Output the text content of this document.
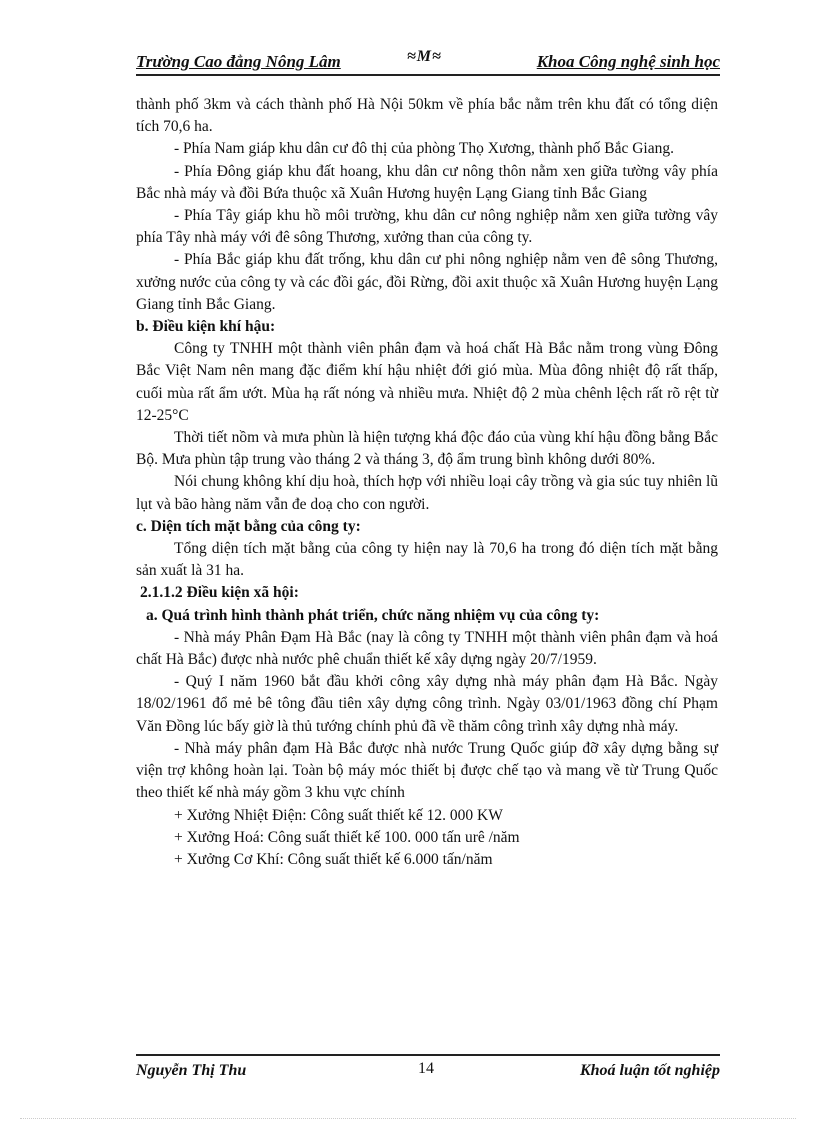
Trường Cao đẳng Nông Lâm	≈M≈	Khoa Công nghệ sinh học

thành phố 3km và cách thành phố Hà Nội 50km về phía bắc nằm trên khu đất có tổng diện tích 70,6 ha.

- Phía Nam giáp khu dân cư đô thị của phòng Thọ Xương, thành phố Bắc Giang.

- Phía Đông giáp khu đất hoang, khu dân cư nông thôn nằm xen giữa tường vây phía Bắc nhà máy và đồi Bứa thuộc xã Xuân Hương huyện Lạng Giang tỉnh Bắc Giang

- Phía Tây giáp khu hồ môi trường, khu dân cư nông nghiệp nằm xen giữa tường vây phía Tây nhà máy với đê sông Thương, xưởng than của công ty.

- Phía Bắc giáp khu đất trống, khu dân cư phi nông nghiệp nằm ven đê sông Thương, xưởng nước của công ty và các đồi gác, đồi Rừng, đồi axit thuộc xã Xuân Hương huyện Lạng Giang tỉnh Bắc Giang.

b. Điều kiện khí hậu:

Công ty TNHH một thành viên phân đạm và hoá chất Hà Bắc nằm trong vùng Đông Bắc Việt Nam nên mang đặc điểm khí hậu nhiệt đới gió mùa. Mùa đông nhiệt độ rất thấp, cuối mùa rất ẩm ướt. Mùa hạ rất nóng và nhiều mưa. Nhiệt độ 2 mùa chênh lệch rất rõ rệt từ 12-25°C

Thời tiết nồm và mưa phùn là hiện tượng khá độc đáo của vùng khí hậu đồng bằng Bắc Bộ. Mưa phùn tập trung vào tháng 2 và tháng 3, độ ẩm trung bình không dưới 80%.

Nói chung không khí dịu hoà, thích hợp với nhiều loại cây trồng và gia súc tuy nhiên lũ lụt và bão hàng năm vẫn đe doạ cho con người.

c. Diện tích mặt bằng của công ty:

Tổng diện tích mặt bằng của công ty hiện nay là 70,6 ha trong đó diện tích mặt bằng sản xuất là 31 ha.

2.1.1.2 Điều kiện xã hội:

a. Quá trình hình thành phát triển, chức năng nhiệm vụ của công ty:

- Nhà máy Phân Đạm Hà Bắc (nay là công ty TNHH một thành viên phân đạm và hoá chất Hà Bắc) được nhà nước phê chuẩn thiết kế xây dựng ngày 20/7/1959.

- Quý I năm 1960 bắt đầu khởi công xây dựng nhà máy phân đạm Hà Bắc. Ngày 18/02/1961 đổ mẻ bê tông đầu tiên xây dựng công trình. Ngày 03/01/1963 đồng chí Phạm Văn Đồng lúc bấy giờ là thủ tướng chính phủ đã về thăm công trình xây dựng nhà máy.

- Nhà máy phân đạm Hà Bắc được nhà nước Trung Quốc giúp đỡ xây dựng bằng sự viện trợ không hoàn lại. Toàn bộ máy móc thiết bị được chế tạo và mang về từ Trung Quốc theo thiết kế nhà máy gồm 3 khu vực chính

+ Xưởng Nhiệt Điện: Công suất thiết kế 12. 000 KW

+ Xưởng Hoá: Công suất thiết kế 100. 000 tấn urê /năm

+ Xưởng Cơ Khí: Công suất thiết kế 6.000 tấn/năm

Nguyễn Thị Thu	14	Khoá luận tốt nghiệp
